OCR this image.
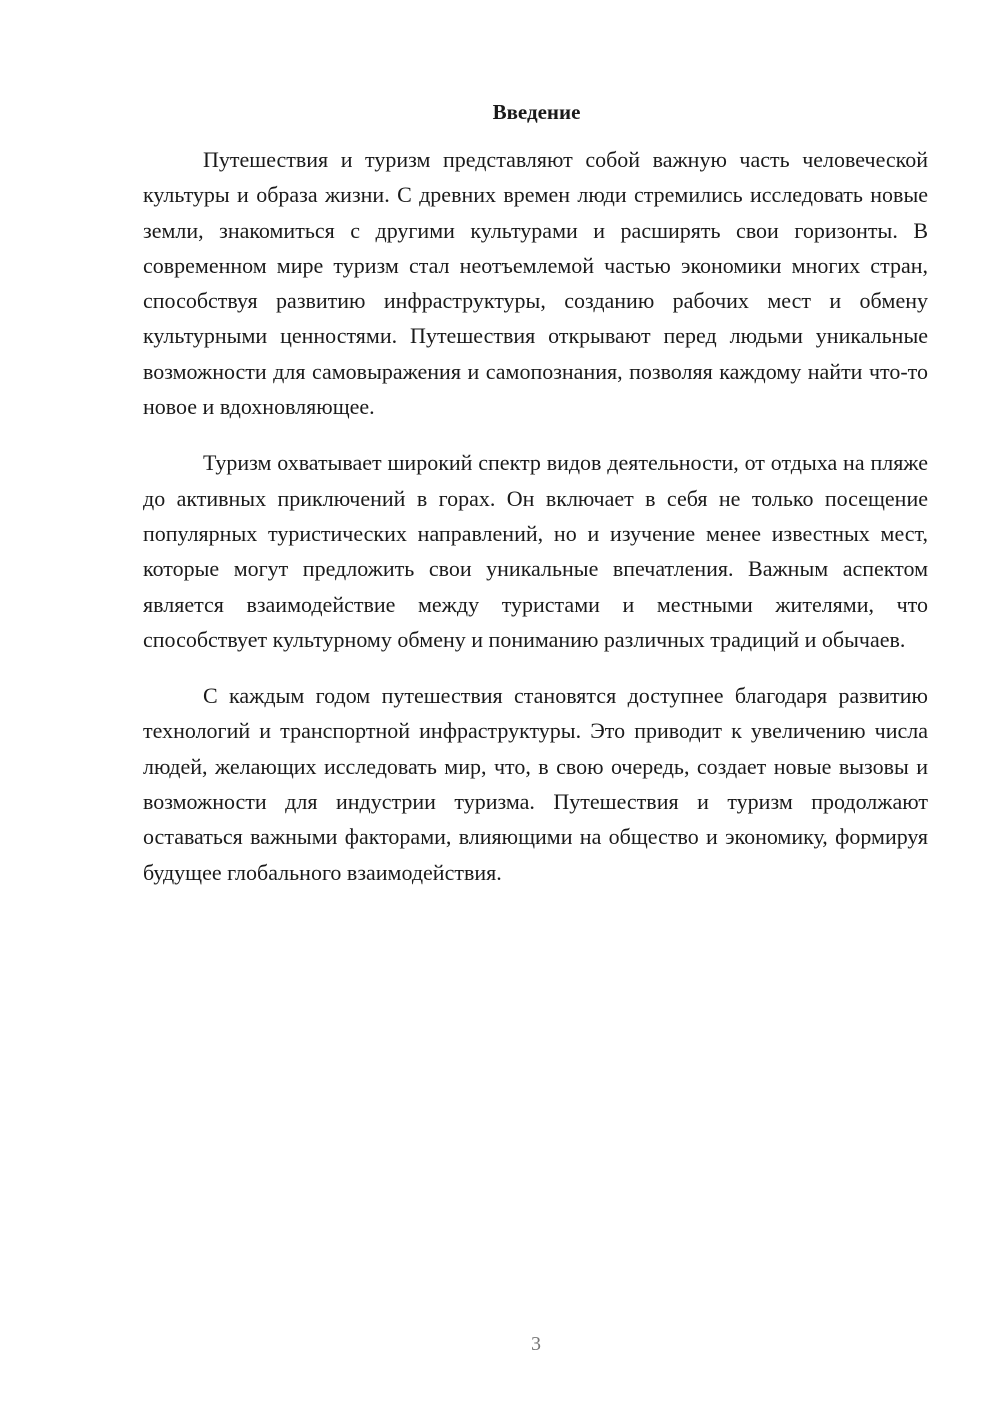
Введение

Путешествия и туризм представляют собой важную часть человеческой культуры и образа жизни. С древних времен люди стремились исследовать новые земли, знакомиться с другими культурами и расширять свои горизонты. В современном мире туризм стал неотъемлемой частью экономики многих стран, способствуя развитию инфраструктуры, созданию рабочих мест и обмену культурными ценностями. Путешествия открывают перед людьми уникальные возможности для самовыражения и самопознания, позволяя каждому найти что-то новое и вдохновляющее.

Туризм охватывает широкий спектр видов деятельности, от отдыха на пляже до активных приключений в горах. Он включает в себя не только посещение популярных туристических направлений, но и изучение менее известных мест, которые могут предложить свои уникальные впечатления. Важным аспектом является взаимодействие между туристами и местными жителями, что способствует культурному обмену и пониманию различных традиций и обычаев.

С каждым годом путешествия становятся доступнее благодаря развитию технологий и транспортной инфраструктуры. Это приводит к увеличению числа людей, желающих исследовать мир, что, в свою очередь, создает новые вызовы и возможности для индустрии туризма. Путешествия и туризм продолжают оставаться важными факторами, влияющими на общество и экономику, формируя будущее глобального взаимодействия.

3
